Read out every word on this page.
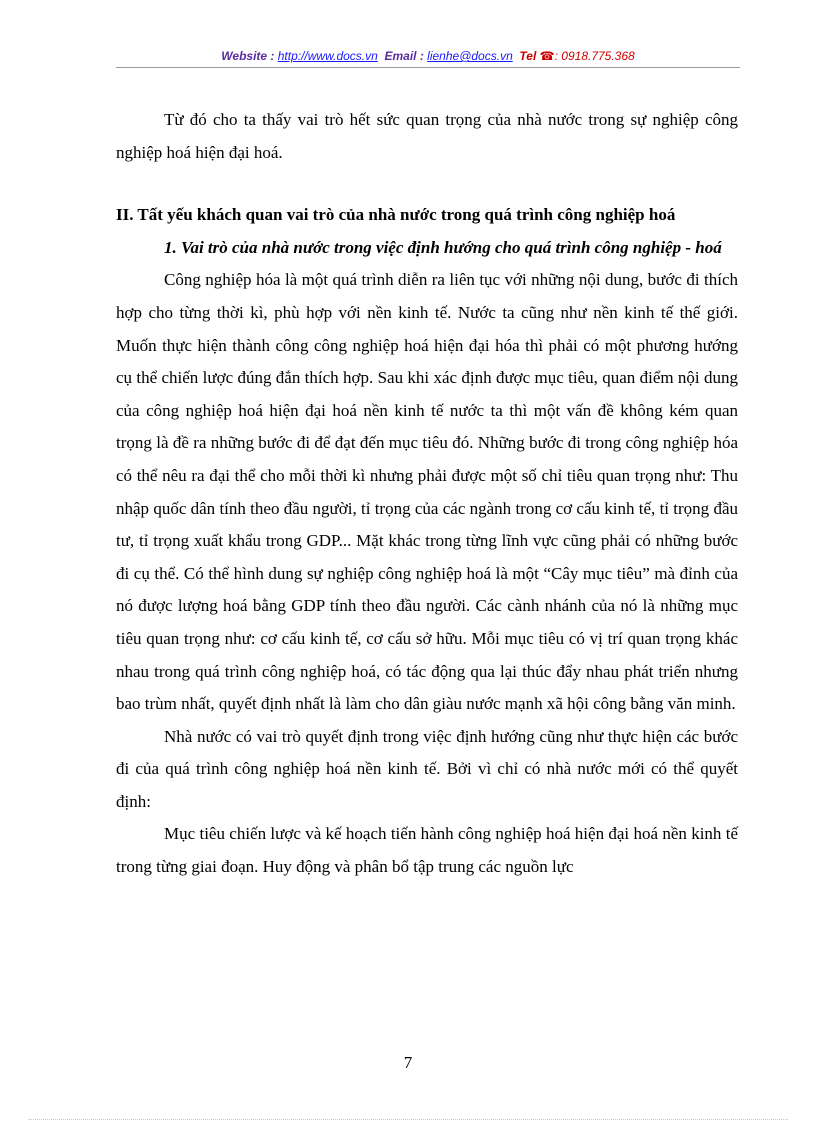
Website : http://www.docs.vn Email : lienhe@docs.vn Tel ☎: 0918.775.368

Từ đó cho ta thấy vai trò hết sức quan trọng của nhà nước trong sự nghiệp công nghiệp hoá hiện đại hoá.

II. Tất yếu khách quan vai trò của nhà nước trong quá trình công nghiệp hoá

1. Vai trò của nhà nước trong việc định hướng cho quá trình công nghiệp - hoá

Công nghiệp hóa là một quá trình diễn ra liên tục với những nội dung, bước đi thích hợp cho từng thời kì, phù hợp với nền kinh tế. Nước ta cũng như nền kinh tế thế giới. Muốn thực hiện thành công công nghiệp hoá hiện đại hóa thì phải có một phương hướng cụ thể chiến lược đúng đắn thích hợp. Sau khi xác định được mục tiêu, quan điểm nội dung của công nghiệp hoá hiện đại hoá nền kinh tế nước ta thì một vấn đề không kém quan trọng là đề ra những bước đi để đạt đến mục tiêu đó. Những bước đi trong công nghiệp hóa có thể nêu ra đại thể cho mỗi thời kì nhưng phải được một số chỉ tiêu quan trọng như: Thu nhập quốc dân tính theo đầu người, tỉ trọng của các ngành trong cơ cấu kinh tế, tỉ trọng đầu tư, tỉ trọng xuất khẩu trong GDP... Mặt khác trong từng lĩnh vực cũng phải có những bước đi cụ thể. Có thể hình dung sự nghiệp công nghiệp hoá là một “Cây mục tiêu” mà đỉnh của nó được lượng hoá bằng GDP tính theo đầu người. Các cành nhánh của nó là những mục tiêu quan trọng như: cơ cấu kinh tế, cơ cấu sở hữu. Mỗi mục tiêu có vị trí quan trọng khác nhau trong quá trình công nghiệp hoá, có tác động qua lại thúc đẩy nhau phát triển nhưng bao trùm nhất, quyết định nhất là làm cho dân giàu nước mạnh xã hội công bằng văn minh.

Nhà nước có vai trò quyết định trong việc định hướng cũng như thực hiện các bước đi của quá trình công nghiệp hoá nền kinh tế. Bởi vì chỉ có nhà nước mới có thể quyết định:

Mục tiêu chiến lược và kế hoạch tiến hành công nghiệp hoá hiện đại hoá nền kinh tế trong từng giai đoạn. Huy động và phân bổ tập trung các nguồn lực

7
